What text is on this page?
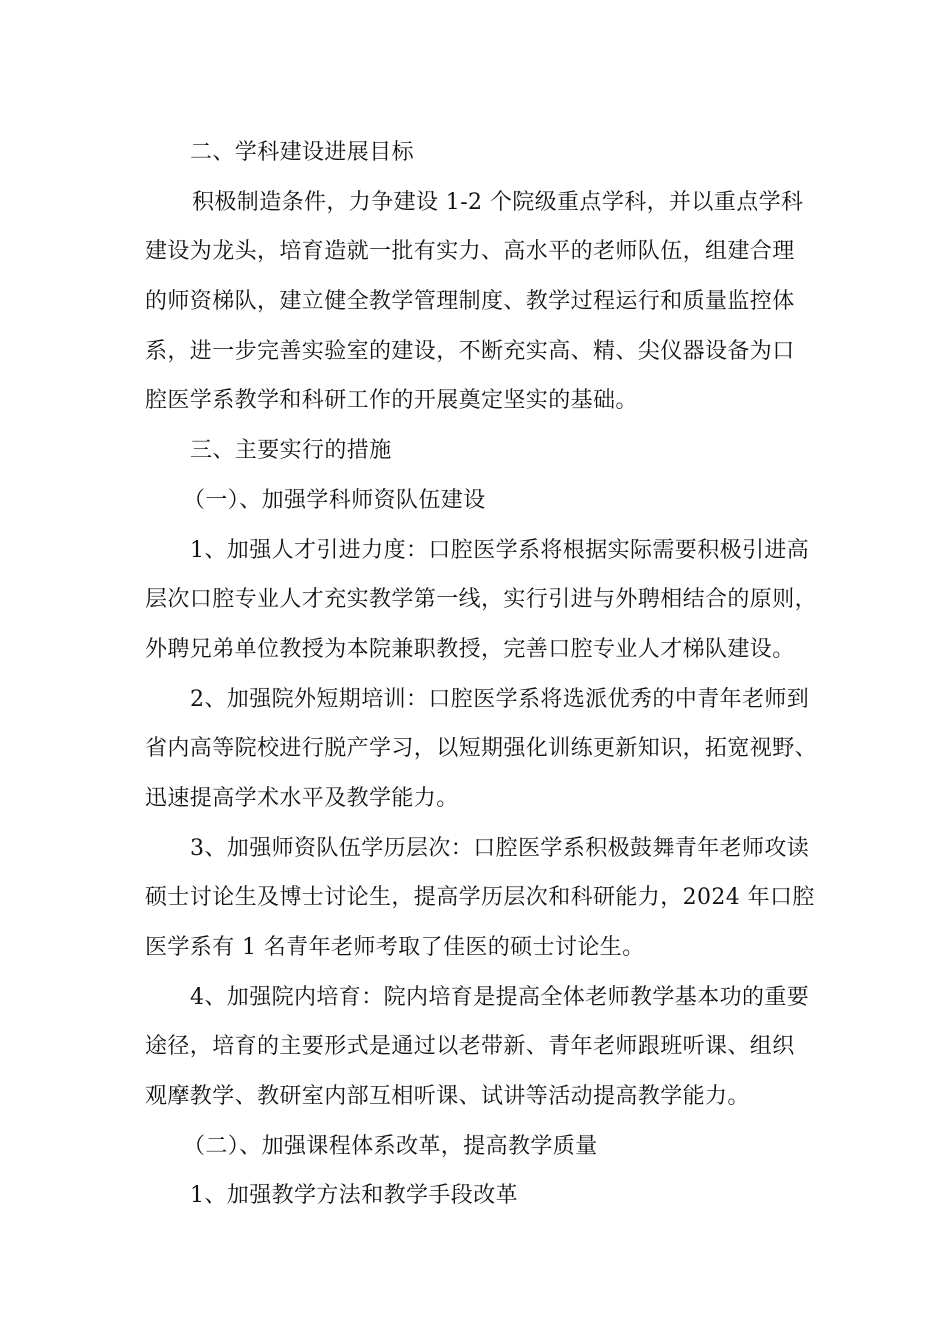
二、学科建设进展目标
积极制造条件，力争建设 1-2 个院级重点学科，并以重点学科
建设为龙头，培育造就一批有实力、高水平的老师队伍，组建合理
的师资梯队，建立健全教学管理制度、教学过程运行和质量监控体
系，进一步完善实验室的建设，不断充实高、精、尖仪器设备为口
腔医学系教学和科研工作的开展奠定坚实的基础。
三、主要实行的措施
（一）、加强学科师资队伍建设
1、加强人才引进力度：口腔医学系将根据实际需要积极引进高
层次口腔专业人才充实教学第一线，实行引进与外聘相结合的原则，
外聘兄弟单位教授为本院兼职教授，完善口腔专业人才梯队建设。
2、加强院外短期培训：口腔医学系将选派优秀的中青年老师到
省内高等院校进行脱产学习，以短期强化训练更新知识，拓宽视野、
迅速提高学术水平及教学能力。
3、加强师资队伍学历层次：口腔医学系积极鼓舞青年老师攻读
硕士讨论生及博士讨论生，提高学历层次和科研能力，2024 年口腔
医学系有 1 名青年老师考取了佳医的硕士讨论生。
4、加强院内培育：院内培育是提高全体老师教学基本功的重要
途径，培育的主要形式是通过以老带新、青年老师跟班听课、组织
观摩教学、教研室内部互相听课、试讲等活动提高教学能力。
（二）、加强课程体系改革，提高教学质量
1、加强教学方法和教学手段改革
